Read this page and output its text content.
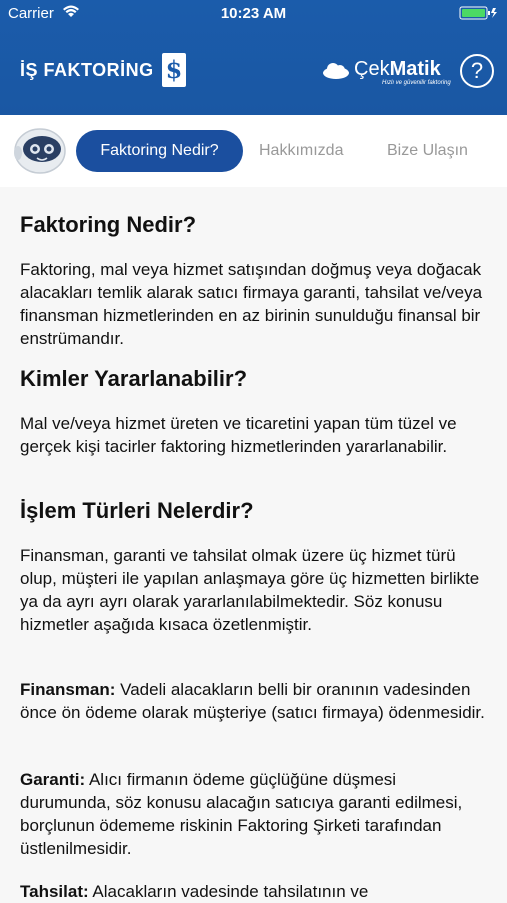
Carrier	10:23 AM
İŞ FAKTORİNG $	ÇekMatik
Hızlı ve güvenilir faktoring ?
Faktoring Nedir?	Hakkımızda	Bize Ulaşın
Faktoring Nedir?

Faktoring, mal veya hizmet satışından doğmuş veya doğacak alacakları temlik alarak satıcı firmaya garanti, tahsilat ve/veya finansman hizmetlerinden en az birinin sunulduğu finansal bir enstrümandır.

Kimler Yararlanabilir?

Mal ve/veya hizmet üreten ve ticaretini yapan tüm tüzel ve gerçek kişi tacirler faktoring hizmetlerinden yararlanabilir.

İşlem Türleri Nelerdir?

Finansman, garanti ve tahsilat olmak üzere üç hizmet türü olup, müşteri ile yapılan anlaşmaya göre üç hizmetten birlikte ya da ayrı ayrı olarak yararlanılabilmektedir. Söz konusu hizmetler aşağıda kısaca özetlenmiştir.

Finansman: Vadeli alacakların belli bir oranının vadesinden önce ön ödeme olarak müşteriye (satıcı firmaya) ödenmesidir.

Garanti: Alıcı firmanın ödeme güçlüğüne düşmesi durumunda, söz konusu alacağın satıcıya garanti edilmesi, borçlunun ödememe riskinin Faktoring Şirketi tarafından üstlenilmesidir.

Tahsilat: Alacakların vadesinde tahsilatının ve
